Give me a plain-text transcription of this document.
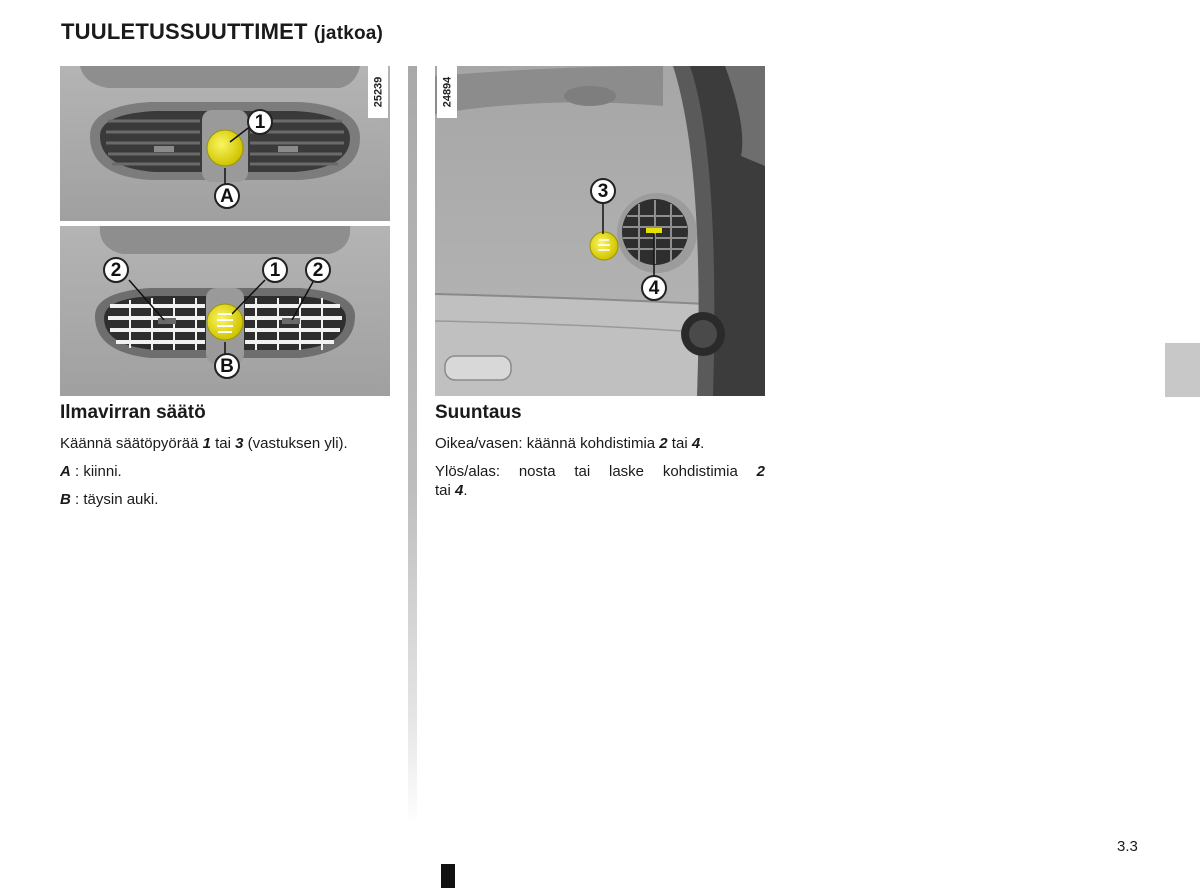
TUULETUSSUUTTIMET (jatkoa)
25239
1
A
2	1	2
B
24894
3
4
Ilmavirran säätö

Käännä säätöpyörää 1 tai 3 (vastuksen yli).

A : kiinni.

B : täysin auki.

Suuntaus

Oikea/vasen: käännä kohdistimia 2 tai 4.

Ylös/alas: nosta tai laske kohdistimia 2

tai 4.

3.3
